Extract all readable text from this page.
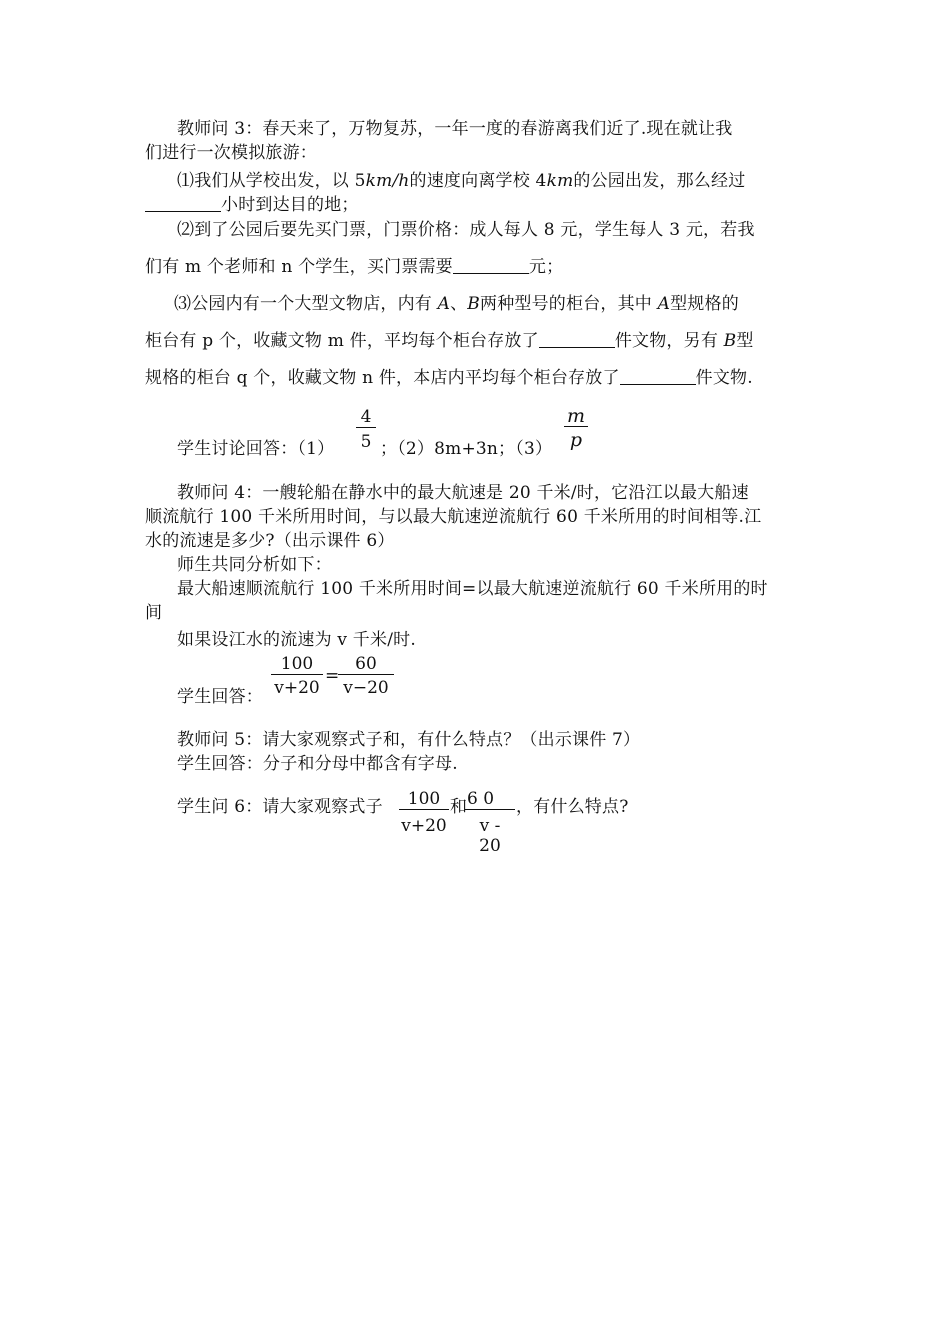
教师问 3：春天来了，万物复苏，一年一度的春游离我们近了.现在就让我
们进行一次模拟旅游：
⑴我们从学校出发，以 5km/h的速度向离学校 4km的公园出发，那么经过
小时到达目的地；
⑵到了公园后要先买门票，门票价格：成人每人 8 元，学生每人 3 元，若我
们有 m 个老师和 n 个学生，买门票需要	元；
⑶公园内有一个大型文物店，内有 A、B两种型号的柜台，其中 A型规格的
柜台有 p 个，收藏文物 m 件，平均每个柜台存放了	件文物，另有 B型
规格的柜台 q 个，收藏文物 n 件，本店内平均每个柜台存放了	件文物.
学生讨论回答：$(1) \frac{4}{5}$ ；（2）8m+3n；$(3) \frac{m}{p}$
教师问 4：一艘轮船在静水中的最大航速是 20 千米/时，它沿江以最大船速
顺流航行 100 千米所用时间，与以最大航速逆流航行 60 千米所用的时间相等.江
水的流速是多少?（出示课件 6）
师生共同分析如下：
最大船速顺流航行 100 千米所用时间=以最大航速逆流航行 60 千米所用的时
间
如果设江水的流速为 v 千米/时.
学生回答： $\frac{100}{v+20}$ =
$\frac{60}{v-20}$
教师问 5：请大家观察式子和，有什么特点？（出示课件 7）
学生回答：分子和分母中都含有字母.
学生问 6：请大家观察式子 $\frac{100}{v+20}$ 和
$\frac{6 0}{v - 20}$ ，有什么特点?
